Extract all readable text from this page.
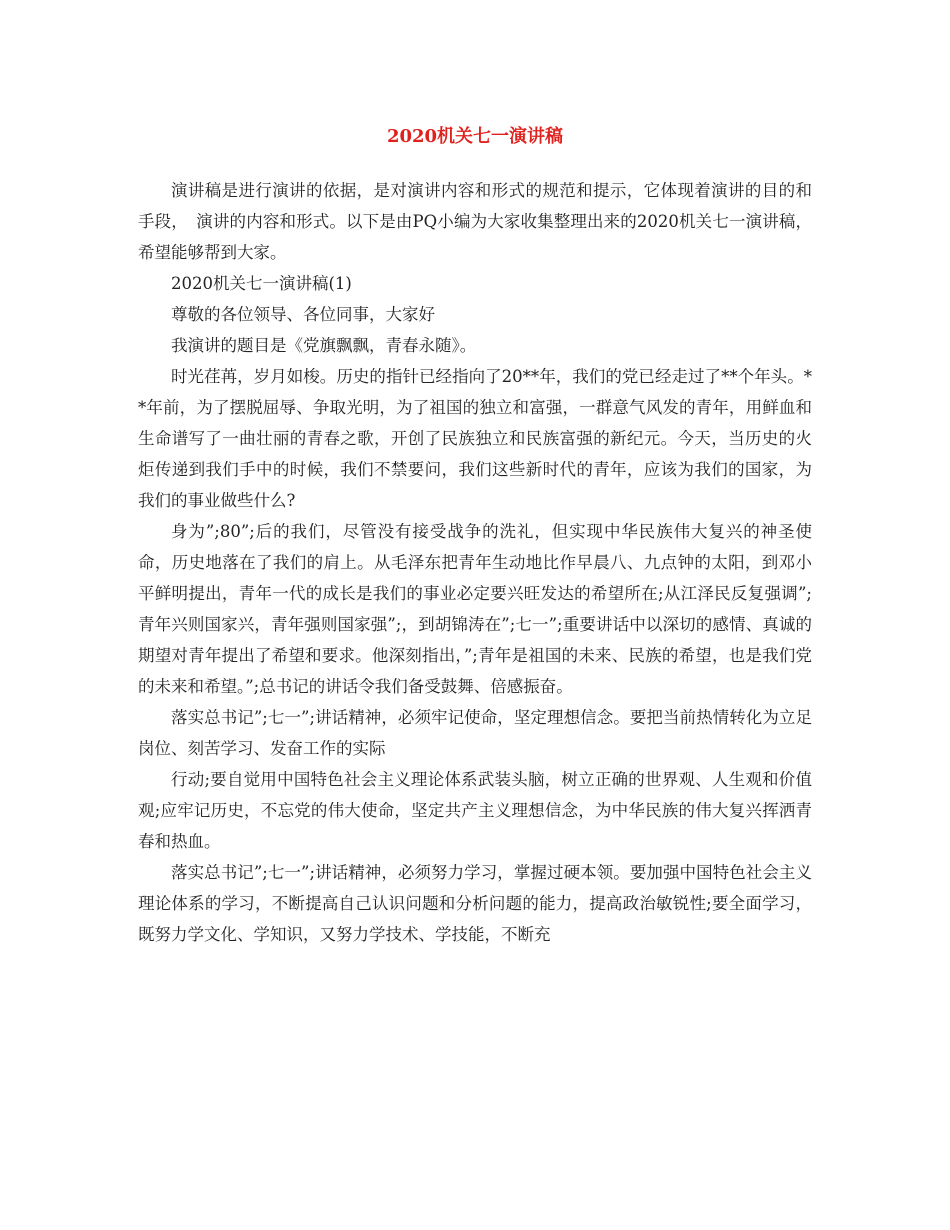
2020机关七一演讲稿

演讲稿是进行演讲的依据，是对演讲内容和形式的规范和提示，它体现着演讲的目的和手段，　演讲的内容和形式。以下是由PQ小编为大家收集整理出来的2020机关七一演讲稿，希望能够帮到大家。

2020机关七一演讲稿(1)

尊敬的各位领导、各位同事，大家好

我演讲的题目是《党旗飘飘，青春永随》。

时光荏苒，岁月如梭。历史的指针已经指向了20**年，我们的党已经走过了**个年头。**年前，为了摆脱屈辱、争取光明，为了祖国的独立和富强，一群意气风发的青年，用鲜血和生命谱写了一曲壮丽的青春之歌，开创了民族独立和民族富强的新纪元。今天，当历史的火炬传递到我们手中的时候，我们不禁要问，我们这些新时代的青年，应该为我们的国家，为我们的事业做些什么?

身为”;80”;后的我们，尽管没有接受战争的洗礼，但实现中华民族伟大复兴的神圣使命，历史地落在了我们的肩上。从毛泽东把青年生动地比作早晨八、九点钟的太阳，到邓小平鲜明提出，青年一代的成长是我们的事业必定要兴旺发达的希望所在;从江泽民反复强调”;青年兴则国家兴，青年强则国家强”;，到胡锦涛在”;七一”;重要讲话中以深切的感情、真诚的期望对青年提出了希望和要求。他深刻指出，”;青年是祖国的未来、民族的希望，也是我们党的未来和希望。”;总书记的讲话令我们备受鼓舞、倍感振奋。

落实总书记”;七一”;讲话精神，必须牢记使命，坚定理想信念。要把当前热情转化为立足岗位、刻苦学习、发奋工作的实际

行动;要自觉用中国特色社会主义理论体系武装头脑，树立正确的世界观、人生观和价值观;应牢记历史，不忘党的伟大使命，坚定共产主义理想信念，为中华民族的伟大复兴挥洒青春和热血。

落实总书记”;七一”;讲话精神，必须努力学习，掌握过硬本领。要加强中国特色社会主义理论体系的学习，不断提高自己认识问题和分析问题的能力，提高政治敏锐性;要全面学习，既努力学文化、学知识，又努力学技术、学技能，不断充
